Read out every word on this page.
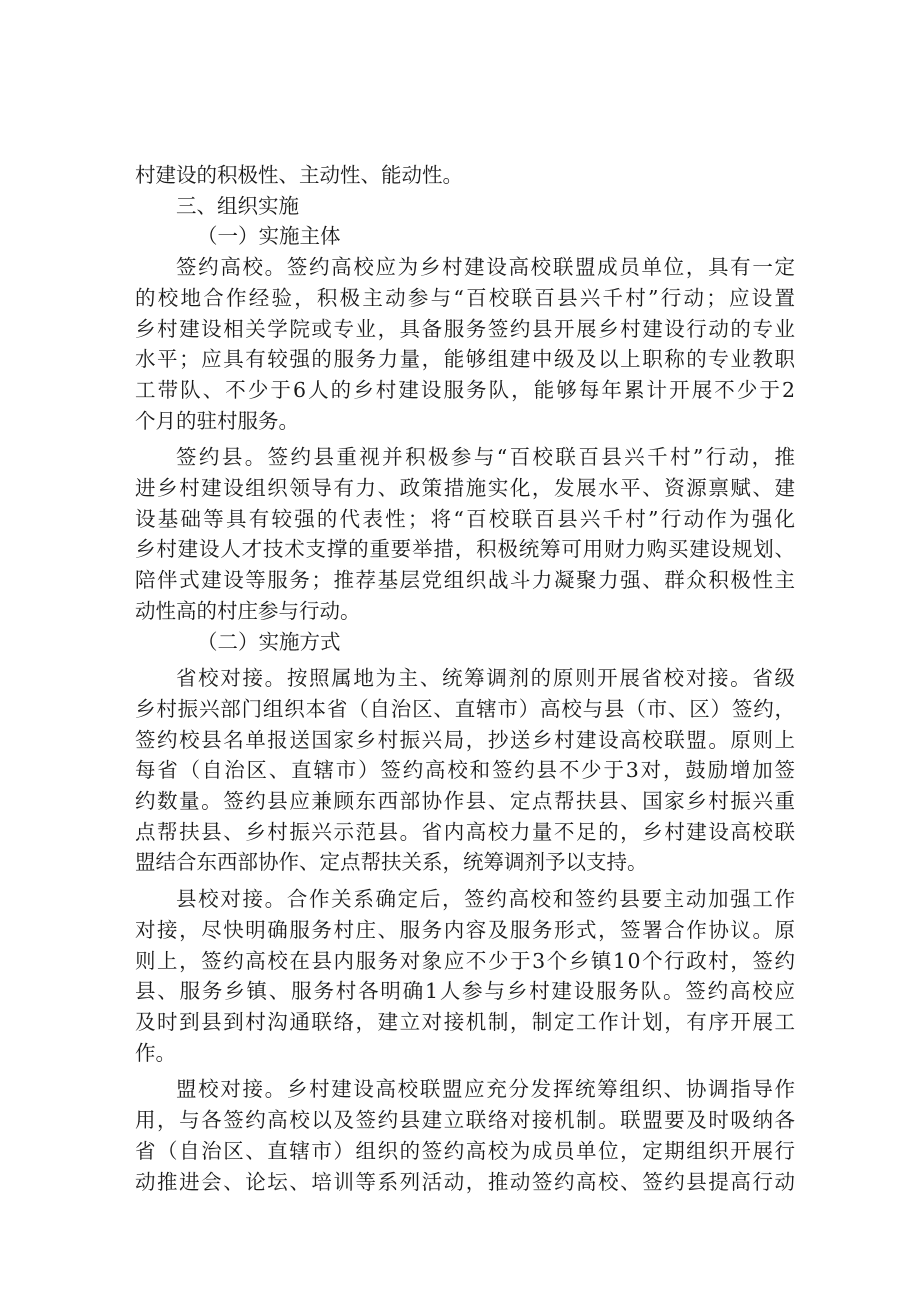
村建设的积极性、主动性、能动性。
三、组织实施
（一）实施主体
签约高校。签约高校应为乡村建设高校联盟成员单位，具有一定
的校地合作经验，积极主动参与“百校联百县兴千村”行动；应设置
乡村建设相关学院或专业，具备服务签约县开展乡村建设行动的专业
水平；应具有较强的服务力量，能够组建中级及以上职称的专业教职
工带队、不少于6人的乡村建设服务队，能够每年累计开展不少于2
个月的驻村服务。
签约县。签约县重视并积极参与“百校联百县兴千村”行动，推
进乡村建设组织领导有力、政策措施实化，发展水平、资源禀赋、建
设基础等具有较强的代表性；将“百校联百县兴千村”行动作为强化
乡村建设人才技术支撑的重要举措，积极统筹可用财力购买建设规划、
陪伴式建设等服务；推荐基层党组织战斗力凝聚力强、群众积极性主
动性高的村庄参与行动。
（二）实施方式
省校对接。按照属地为主、统筹调剂的原则开展省校对接。省级
乡村振兴部门组织本省（自治区、直辖市）高校与县（市、区）签约，
签约校县名单报送国家乡村振兴局，抄送乡村建设高校联盟。原则上
每省（自治区、直辖市）签约高校和签约县不少于3对，鼓励增加签
约数量。签约县应兼顾东西部协作县、定点帮扶县、国家乡村振兴重
点帮扶县、乡村振兴示范县。省内高校力量不足的，乡村建设高校联
盟结合东西部协作、定点帮扶关系，统筹调剂予以支持。
县校对接。合作关系确定后，签约高校和签约县要主动加强工作
对接，尽快明确服务村庄、服务内容及服务形式，签署合作协议。原
则上，签约高校在县内服务对象应不少于3个乡镇10个行政村，签约
县、服务乡镇、服务村各明确1人参与乡村建设服务队。签约高校应
及时到县到村沟通联络，建立对接机制，制定工作计划，有序开展工
作。
盟校对接。乡村建设高校联盟应充分发挥统筹组织、协调指导作
用，与各签约高校以及签约县建立联络对接机制。联盟要及时吸纳各
省（自治区、直辖市）组织的签约高校为成员单位，定期组织开展行
动推进会、论坛、培训等系列活动，推动签约高校、签约县提高行动
